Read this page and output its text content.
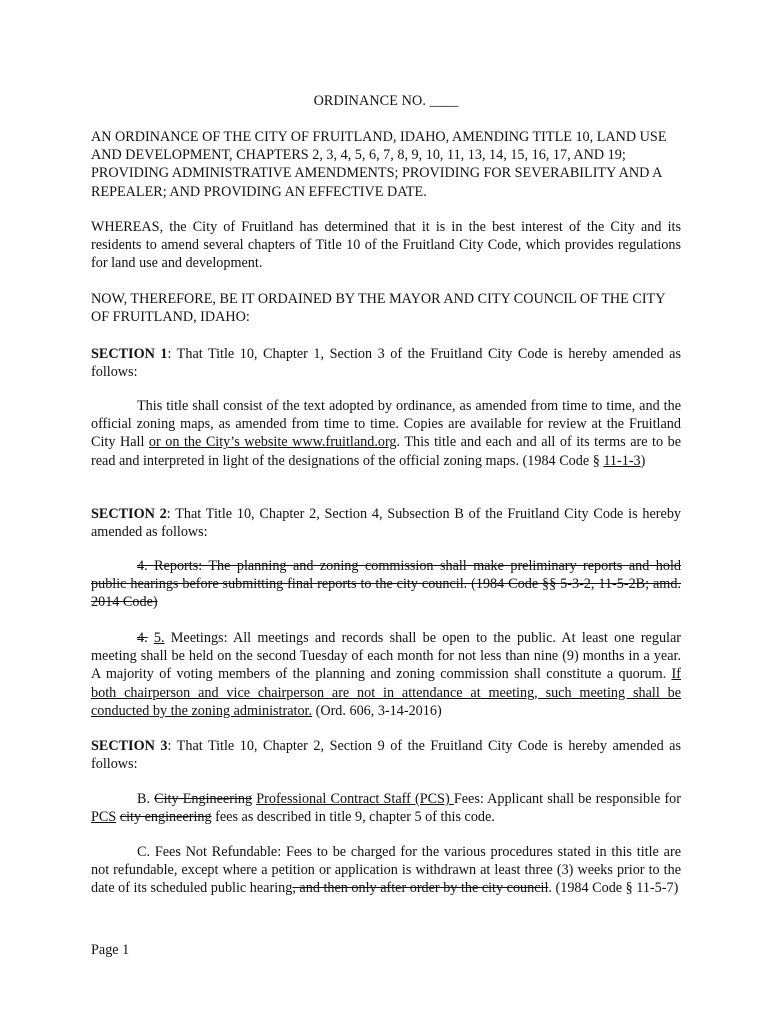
ORDINANCE NO. ____
AN ORDINANCE OF THE CITY OF FRUITLAND, IDAHO, AMENDING TITLE 10, LAND USE AND DEVELOPMENT, CHAPTERS 2, 3, 4, 5, 6, 7, 8, 9, 10, 11, 13, 14, 15, 16, 17, AND 19; PROVIDING ADMINISTRATIVE AMENDMENTS; PROVIDING FOR SEVERABILITY AND A REPEALER; AND PROVIDING AN EFFECTIVE DATE.
WHEREAS, the City of Fruitland has determined that it is in the best interest of the City and its residents to amend several chapters of Title 10 of the Fruitland City Code, which provides regulations for land use and development.
NOW, THEREFORE, BE IT ORDAINED BY THE MAYOR AND CITY COUNCIL OF THE CITY OF FRUITLAND, IDAHO:
SECTION 1: That Title 10, Chapter 1, Section 3 of the Fruitland City Code is hereby amended as follows:
This title shall consist of the text adopted by ordinance, as amended from time to time, and the official zoning maps, as amended from time to time. Copies are available for review at the Fruitland City Hall or on the City’s website www.fruitland.org. This title and each and all of its terms are to be read and interpreted in light of the designations of the official zoning maps. (1984 Code § 11-1-3)
SECTION 2: That Title 10, Chapter 2, Section 4, Subsection B of the Fruitland City Code is hereby amended as follows:
4. Reports: The planning and zoning commission shall make preliminary reports and hold public hearings before submitting final reports to the city council. (1984 Code §§ 5-3-2, 11-5-2B; amd. 2014 Code)
4. 5. Meetings: All meetings and records shall be open to the public. At least one regular meeting shall be held on the second Tuesday of each month for not less than nine (9) months in a year. A majority of voting members of the planning and zoning commission shall constitute a quorum. If both chairperson and vice chairperson are not in attendance at meeting, such meeting shall be conducted by the zoning administrator. (Ord. 606, 3-14-2016)
SECTION 3: That Title 10, Chapter 2, Section 9 of the Fruitland City Code is hereby amended as follows:
B. City Engineering Professional Contract Staff (PCS) Fees: Applicant shall be responsible for PCS city engineering fees as described in title 9, chapter 5 of this code.
C. Fees Not Refundable: Fees to be charged for the various procedures stated in this title are not refundable, except where a petition or application is withdrawn at least three (3) weeks prior to the date of its scheduled public hearing, and then only after order by the city council. (1984 Code § 11-5-7)
Page 1
